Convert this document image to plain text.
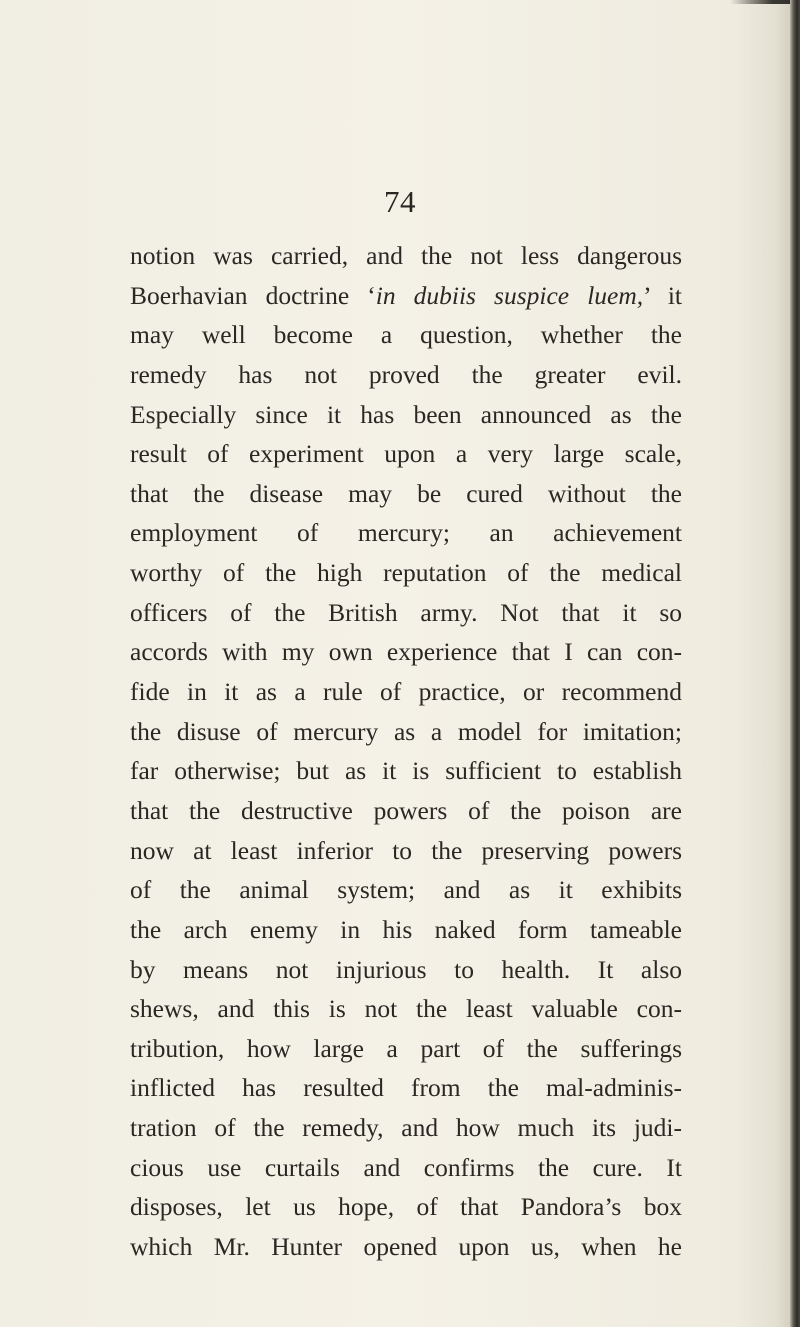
74
notion was carried, and the not less dangerous
Boerhavian doctrine ‘in dubiis suspice luem,’ it
may well become a question, whether the
remedy has not proved the greater evil.
Especially since it has been announced as the
result of experiment upon a very large scale,
that the disease may be cured without the
employment of mercury; an achievement
worthy of the high reputation of the medical
officers of the British army. Not that it so
accords with my own experience that I can con-
fide in it as a rule of practice, or recommend
the disuse of mercury as a model for imitation;
far otherwise; but as it is sufficient to establish
that the destructive powers of the poison are
now at least inferior to the preserving powers
of the animal system; and as it exhibits
the arch enemy in his naked form tameable
by means not injurious to health. It also
shews, and this is not the least valuable con-
tribution, how large a part of the sufferings
inflicted has resulted from the mal-adminis-
tration of the remedy, and how much its judi-
cious use curtails and confirms the cure. It
disposes, let us hope, of that Pandora’s box
which Mr. Hunter opened upon us, when he
